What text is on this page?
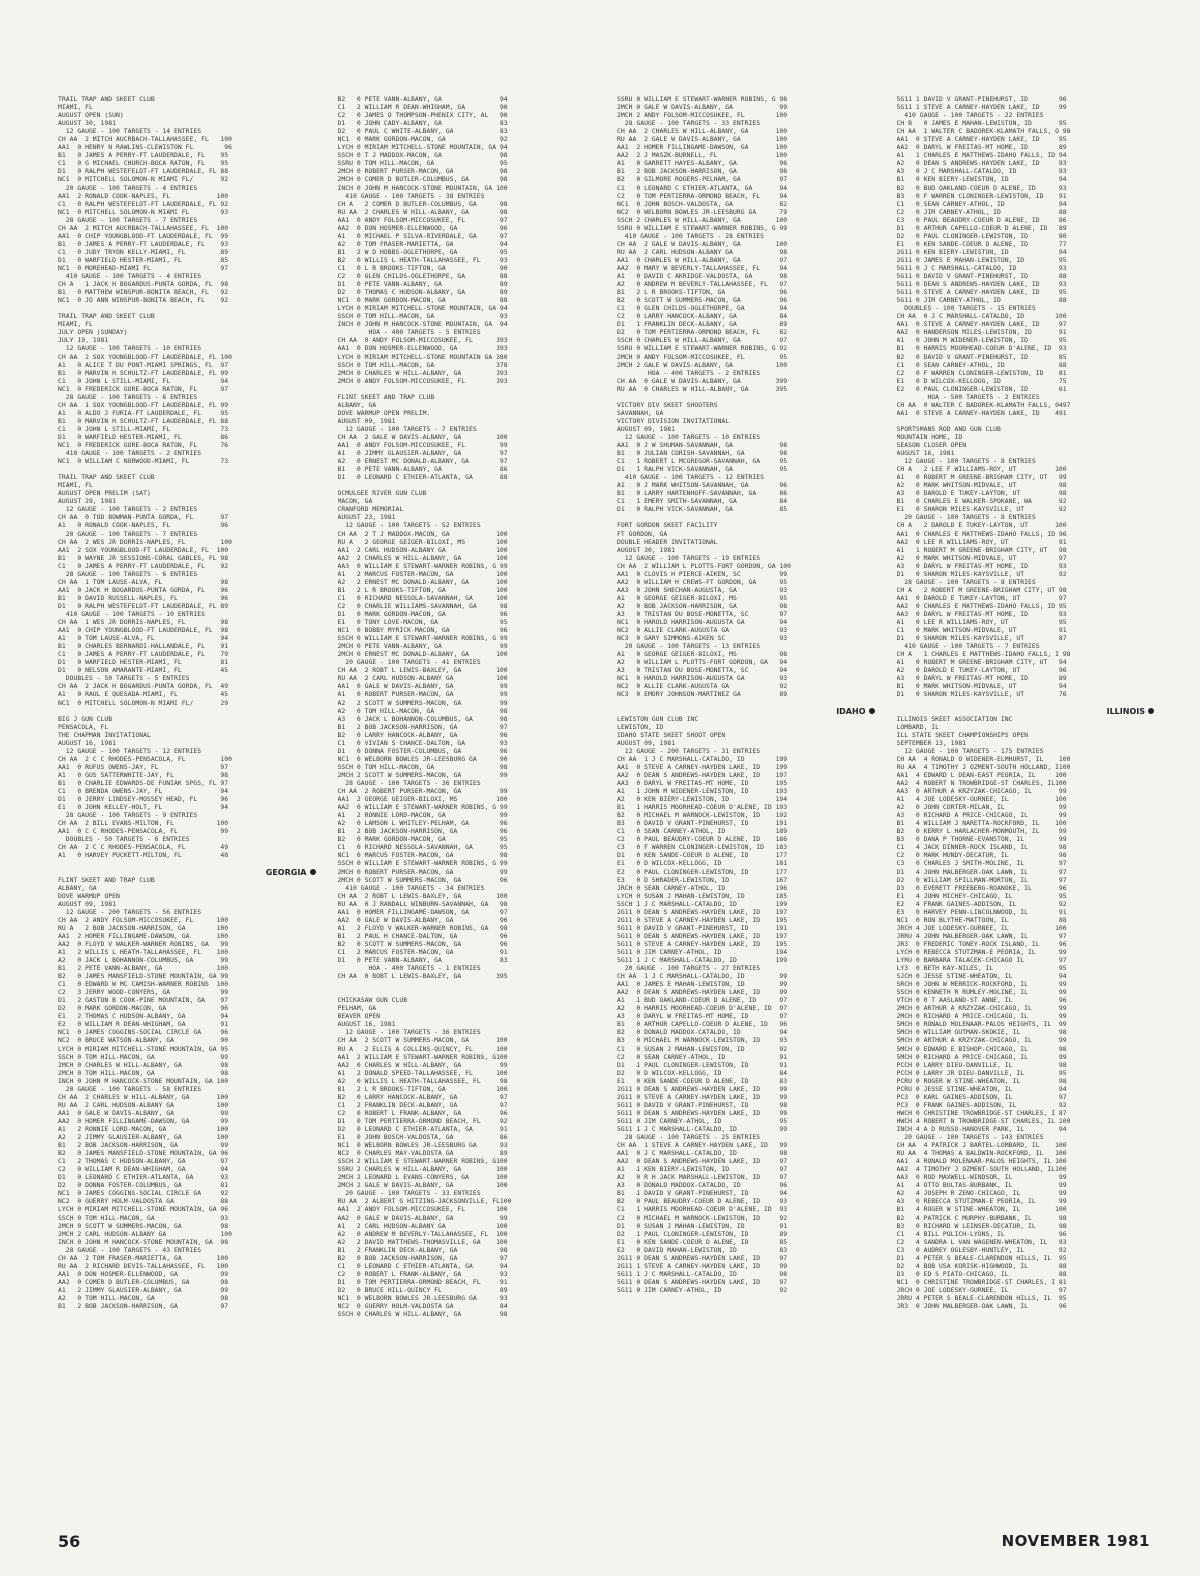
TRAIL TRAP AND SKEET CLUB
MIAMI, FL
AUGUST OPEN (SUN)
AUGUST 30, 1981
12 GAUGE - 100 TARGETS - 14 ENTRIES
CH AA  2 MITCH AUCRBACH-TALLAHASSEE, FL   100
AA1  0 HENRY N RAWLINS-CLEWISTON FL        96
B1   0 JAMES A PERRY-FT LAUDERDALE, FL    95
C1   0 G MICHAEL CHURCH-BOCA RATON, FL    95
D1   0 RALPH WESTEFELDT-FT LAUDERDALE, FL 88
NC1  0 MITCHELL SOLOMON-N MIAMI FL/       92
20 GAUGE - 100 TARGETS - 4 ENTRIES
AA1  2 RONALD COOK-NAPLES, FL            100
C1   0 RALPH WESTEFELDT-FT LAUDERDALE, FL 92
NC1  0 MITCHELL SOLOMON-N MIAMI FL        93
28 GAUGE - 100 TARGETS - 7 ENTRIES
CH AA  2 MITCH AUCRBACH-TALLAHASSEE, FL  100
AA1  0 CHIP YOUNGBLOOD-FT LAUDERDALE, FL  99
B1   0 JAMES A PERRY-FT LAUDERDALE, FL    93
C1   0 JUDY TRYON KELLY-MIAMI, FL         89
D1   0 WARFIELD HESTER-MIAMI, FL          85
NC1  0 MOREHEAD-MIAMI FL                  97
410 GAUGE - 100 TARGETS - 4 ENTRIES
CH A   1 JACK H BOGARDUS-PUNTA GORDA, FL  98
B1   0 MATTHEW WINSPUR-BONITA BEACH, FL   92
NC1  0 JO ANN WINSPUR-BONITA BEACH, FL    92
TRAIL TRAP AND SKEET CLUB
MIAMI, FL
JULY OPEN (SUNDAY)
JULY 19, 1981
12 GAUGE - 100 TARGETS - 10 ENTRIES
CH AA  2 SOX YOUNGBLOOD-FT LAUDERDALE, FL 100
A1   0 ALICE T DU PONT-MIAMI SPRINGS, FL  97
B1   0 MARVIN H SCHULTZ-FT LAUDERDALE, FL 99
C1   0 JOHN L STILL-MIAMI, FL             94
NC1  0 FREDERICK GORE-BOCA RATON, FL      97
28 GAUGE - 100 TARGETS - 6 ENTRIES
CH AA  1 SOX YOUNGBLOOD-FT LAUDERDALE, FL 99
A1   0 ALDO J FURIA-FT LAUDERDALE, FL     95
B1   0 MARVIN H SCHULTZ-FT LAUDERDALE, FL 88
C1   0 JOHN L STILL-MIAMI, FL             73
D1   0 WARFIELD HESTER-MIAMI, FL          86
NC1  0 FREDERICK GORE-BOCA RATON, FL      76
410 GAUGE - 100 TARGETS - 2 ENTRIES
NC1  0 WILLIAM C NORWOOD-MIAMI, FL        73
TRAIL TRAP AND SKEET CLUB
MIAMI, FL
AUGUST OPEN PRELIM (SAT)
AUGUST 29, 1981
12 GAUGE - 100 TARGETS - 2 ENTRIES
CH AA  0 TOD BOWMAN-PUNTA GORDA, FL       97
A1   0 RONALD COOK-NAPLES, FL             96
20 GAUGE - 100 TARGETS - 7 ENTRIES
CH AA  2 WES JR DORRIS-NAPLES, FL         100
AA1  2 SOX YOUNGBLOOD-FT LAUDERDALE, FL  100
B1   0 WAYNE JR SESSIONS-CORAL GABLES, FL 98
C1   0 JAMES A PERRY-FT LAUDERDALE, FL    92
28 GAUGE - 100 TARGETS - 6 ENTRIES
CH AA  1 TOM LAUSE-ALVA, FL               98
AA1  0 JACK H BOGARDUS-PUNTA GORDA, FL    96
B1   0 DAVID RUSSELL-NAPLES, FL           96
D1   0 RALPH WESTEFELDT-FT LAUDERDALE, FL 89
410 GAUGE - 100 TARGETS - 10 ENTRIES
CH AA  1 WES JR DORRIS-NAPLES, FL         98
AA1  0 CHIP YOUNGBLOOD-FT LAUDERDALE, FL  98
A1   0 TOM LAUSE-ALVA, FL                 94
B1   0 CHARLES BERNARDI-HALLANDALE, FL    91
C1   0 JAMES A PERRY-FT LAUDERDALE, FL    79
D1   0 WARFIELD HESTER-MIAMI, FL          81
D1   0 NELSON AMARANTE-MIAMI, FL          45
DOUBLES - 50 TARGETS - 5 ENTRIES
CH AA  2 JACK H BOGARDUS-PUNTA GORDA, FL  49
A1   0 RAUL E QUESADA-MIAMI, FL           45
NC1  0 MITCHELL SOLOMON-N MIAMI FL/       29
BIG J GUN CLUB
PENSACOLA, FL
THE CHAPMAN INVITATIONAL
AUGUST 16, 1981
12 GAUGE - 100 TARGETS - 12 ENTRIES
CH AA  2 C C RHODES-PENSACOLA, FL         100
AA1  0 RUFUS OWENS-JAY, FL                97
A1   0 GUS SATTERWHITE-JAY, FL            98
B1   0 CHARLIE EDWARDS-DE FUNIAK SPGS, FL 97
C1   0 BRENDA OWENS-JAY, FL               94
D1   0 JERRY LINDSEY-MOSSEY HEAD, FL      96
E1   0 JOHN KELLEY-HOLT, FL               94
28 GAUGE - 100 TARGETS - 9 ENTRIES
CH AA  2 BILL EVANS-MILTON, FL           100
AA1  0 C C RHODES-PENSACOLA, FL           99
DOUBLES - 50 TARGETS - 6 ENTRIES
CH AA  2 C C RHODES-PENSACOLA, FL         49
A1   0 HARVEY PUCKETT-MILTON, FL          48
GEORGIA
FLINT SKEET AND TRAP CLUB
ALBANY, GA
DOVE WARMUP OPEN
AUGUST 09, 1981
12 GAUGE - 200 TARGETS - 56 ENTRIES
CH AA  2 ANDY FOLSOM-MICCOSUKEE, FL      100
RU A   2 BOB JACKSON-HARRISON, GA        100
AA1  2 HOMER FILLINGAME-DAWSON, GA       100
AA2  0 FLOYD V WALKER-WARNER ROBINS, GA   99
A1   2 WILLIS L HEATH-TALLAHASSEE, FL    100
A2   0 JACK L BOHANNON-COLUMBUS, GA       99
B1   2 PETE VANN-ALBANY, GA              100
B2   0 JAMES MANSFIELD-STONE MOUNTAIN, GA 99
C1   0 EDWARD W MC CAMISH-WARNER ROBINS  100
C2   3 JERRY WOOD-CONYERS, GA             99
D1   2 GASTON B COOK-PINE MOUNTAIN, GA    97
D2   0 MARK GORDON-MACON, GA              96
E1   2 THOMAS C HUDSON-ALBANY, GA         94
E2   0 WILLIAM R DEAN-WHIGHAM, GA         91
NC1  0 JAMES COGGINS-SOCIAL CIRCLE GA     96
NC2  0 BRUCE WATSON-ALBANY, GA            90
LYCH 0 MIRIAM MITCHELL-STONE MOUNTAIN, GA 95
SSCH 0 TOM HILL-MACON, GA                 99
2MCH 0 CHARLES W HILL-ALBANY, GA          98
2MCH 0 TOM HILL-MACON, GA                 98
INCH 0 JOHN M HANCOCK-STONE MOUNTAIN, GA 100
20 GAUGE - 100 TARGETS - 58 ENTRIES
CH AA  2 CHARLES W HILL-ALBANY, GA       100
RU AA  2 CARL HUDSON-ALBANY GA           100
AA1  0 GALE W DAVIS-ALBANY, GA            99
AA2  0 HOMER FILLINGAME-DAWSON, GA        99
A1   2 RONNIE LORD-MACON, GA             100
A2   2 JIMMY GLAUSIER-ALBANY, GA         100
B1   2 BOB JACKSON-HARRISON, GA           99
B2   0 JAMES MANSFIELD-STONE MOUNTAIN, GA 96
C1   2 THOMAS C HUDSON-ALBANY, GA         97
C2   0 WILLIAM R DEAN-WHIGHAM, GA         94
D1   0 LEONARD C ETHIER-ATLANTA, GA       93
D2   0 DONNA FOSTER-COLUMBUS, GA          81
NC1  0 JAMES COGGINS-SOCIAL CIRCLE GA     92
NC2  0 GUERRY HOLM-VALDOSTA GA            88
LYCH 0 MIRIAM MITCHELL-STONE MOUNTAIN, GA 96
SSCH 0 TOM HILL-MACON, GA                 93
2MCH 0 SCOTT W SUMMERS-MACON, GA          98
2MCH 2 CARL HUDSON-ALBANY GA              100
INCH 0 JOHN M HANCOCK-STONE MOUNTAIN, GA  98
28 GAUGE - 100 TARGETS - 43 ENTRIES
CH AA  2 TOM FRASER-MARIETTA, GA         100
RU AA  2 RICHARD DEVIS-TALLAHASSEE, FL   100
AA1  0 DON HOSMER-ELLENWOOD, GA           99
AA2  0 COMER D BUTLER-COLUMBUS, GA        98
A1   2 JIMMY GLAUSIER-ALBANY, GA          99
A2   0 TOM HILL-MACON, GA                 98
B1   2 BOB JACKSON-HARRISON, GA           97
B2   0 PETE VANN-ALBANY, GA               94
C1   2 WILLIAM R DEAN-WHIGHAM, GA         90
C2   0 JAMES O THOMPSON-PHENIX CITY, AL   90
D1   0 JOHN CADY-ALBANY, GA               83
D2   0 PAUL C WHITE-ALBANY, GA            83
NC1  0 MARK GORDON-MACON, GA              92
LYCH 0 MIRIAM MITCHELL-STONE MOUNTAIN, GA 94
SSCH 0 T J MADDOX-MACON, GA               98
SSRU 0 TOM HILL-MACON, GA                 95
2MCH 0 ROBERT PURSER-MACON, GA            98
2MCH 0 COMER D BUTLER-COLUMBUS, GA        98
INCH 0 JOHN M HANCOCK-STONE MOUNTAIN, GA 100
410 GAUGE - 100 TARGETS - 38 ENTRIES
CH A   2 COMER D BUTLER-COLUMBUS, GA      98
RU AA  2 CHARLES W HILL-ALBANY, GA        98
AA1  0 ANDY FOLSOM-MICCOSUKEE, FL         97
AA2  0 DON HOSMER-ELLENWOOD, GA           96
A1   0 MICHAEL P SILVA-RIVERDALE, GA      97
A2   0 TOM FRASER-MARIETTA, GA            94
B1   2 W D HOBBS-OGLETHORPE, GA           95
B2   0 WILLIS L HEATH-TALLAHASSEE, FL     93
C1   0 L R BROOKS-TIFTON, GA              90
C2   0 GLEN CHILDS-OGLETHORPE, GA         88
D1   0 PETE VANN-ALBANY, GA               89
D2   0 THOMAS C HUDSON-ALBANY, GA         89
NC1  0 MARK GORDON-MACON, GA              88
LYCH 0 MIRIAM MITCHELL-STONE MOUNTAIN, GA 94
SSCH 0 TOM HILL-MACON, GA                 93
INCH 0 JOHN M HANCOCK-STONE MOUNTAIN, GA  94
HOA - 400 TARGETS - 5 ENTRIES
CH AA  0 ANDY FOLSOM-MICCOSUKEE, FL      393
AA1  0 DON HOSMER-ELLENWOOD, GA          393
LYCH 0 MIRIAM MITCHELL-STONE MOUNTAIN GA 380
SSCH 0 TOM HILL-MACON, GA                378
2MCH 0 CHARLES W HILL-ALBANY, GA         393
2MCH 0 ANDY FOLSOM-MICCOSUKEE, FL        393
FLINT SKEET AND TRAP CLUB
ALBANY, GA
DOVE WARMUP OPEN PRELIM.
AUGUST 09, 1981
12 GAUGE - 100 TARGETS - 7 ENTRIES
CH AA  2 GALE W DAVIS-ALBANY, GA         100
AA1  0 ANDY FOLSOM-MICCOSUKEE, FL         99
A1   0 JIMMY GLAUSIER-ALBANY, GA          97
A2   0 ERNEST MC DONALD-ALBANY, GA        97
B1   0 PETE VANN-ALBANY, GA               86
D1   0 LEONARD C ETHIER-ATLANTA, GA       88
OCMULGEE RIVER GUN CLUB
MACON, GA
CRANFORD MEMORIAL
AUGUST 23, 1981
12 GAUGE - 100 TARGETS - 52 ENTRIES
CH AA  2 T J MADDOX-MACON, GA            100
RU A   2 GEORGE GEIGER-BILOXI, MS        100
AA1  2 CARL HUDSON-ALBANY GA             100
AA2  2 CHARLES W HILL-ALBANY, GA         100
AA3  0 WILLIAM E STEWART-WARNER ROBINS, G 99
A1   2 MARCUS FOSTER-MACON, GA           100
A2   2 ERNEST MC DONALD-ALBANY, GA       100
B1   2 L R BROOKS-TIFTON, GA             100
C1   0 RICHARD NESSOLA-SAVANNAH, GA      100
C2   0 CHARLIE WILLIAMS-SAVANNAH, GA      98
D1   0 MARK GORDON-MACON, GA              96
E1   0 TONY LOVE-MACON, GA                95
NC1  0 BOBBY MYRICK-MACON, GA             96
SSCH 0 WILLIAM E STEWART-WARNER ROBINS, G 99
2MCH 0 PETE VANN-ALBANY, GA               99
2MCH 0 ERNEST MC DONALD-ALBANY, GA       100
20 GAUGE - 100 TARGETS - 41 ENTRIES
CH AA  2 ROBT L LEWIS-BAXLEY, GA         100
RU AA  2 CARL HUDSON-ALBANY GA           100
AA1  0 GALE W DAVIS-ALBANY, GA            99
A1   0 ROBERT PURSER-MACON, GA            99
A2   2 SCOTT W SUMMERS-MACON, GA          99
A2   0 TOM HILL-MACON, GA                 98
A3   0 JACK L BOHANNON-COLUMBUS, GA       98
B1   2 BOB JACKSON-HARRISON, GA           97
B2   0 LARRY HANCOCK-ALBANY, GA           96
C1   0 VIVIAN S CHANCE-DALTON, GA         93
D1   0 DONNA FOSTER-COLUMBUS, GA          96
NC1  0 WELBORN BOWLES JR-LEESBURG GA      90
SSCH 0 TOM HILL-MACON, GA                 98
2MCH 2 SCOTT W SUMMERS-MACON, GA          99
28 GAUGE - 100 TARGETS - 36 ENTRIES
CH AA  2 ROBERT PURSER-MACON, GA          99
AA1  2 GEORGE GEIGER-BILOXI, MS          100
AA2  0 WILLIAM E STEWART-WARNER ROBINS, G 99
A1   2 RONNIE LORD-MACON, GA              99
A2   0 LAMSON L WHITLEY-PELHAM, GA        96
B1   2 BOB JACKSON-HARRISON, GA           96
B2   0 MARK GORDON-MACON, GA              95
C1   0 RICHARD NESSOLA-SAVANNAH, GA       95
NC1  0 MARCUS FOSTER-MACON, GA            98
SSCH 0 WILLIAM E STEWART-WARNER ROBINS, G 99
2MCH 0 ROBERT PURSER-MACON, GA            99
2MCH 0 SCOTT W SUMMERS-MACON, GA          96
410 GAUGE - 100 TARGETS - 34 ENTRIES
CH AA  2 ROBT L LEWIS-BAXLEY, GA         100
RU AA  0 J RANDALL WINBURN-SAVANNAH, GA   98
AA1  0 HOMER FILLINGAME-DAWSON, GA        97
AA2  0 GALE W DAVIS-ALBANY, GA            96
A1   2 FLOYD V WALKER-WARNER ROBINS, GA   98
B1   2 PAUL H CHANCE-DALTON, GA           96
B2   0 SCOTT W SUMMERS-MACON, GA          96
C1   2 MARCUS FOSTER-MACON, GA            91
D1   0 PETE VANN-ALBANY, GA               83
HOA - 400 TARGETS - 1 ENTRIES
CH AA  0 ROBT L LEWIS-BAXLEY, GA         395
CHICKASAW GUN CLUB
PELHAM, GA
BEAVER OPEN
AUGUST 16, 1981
12 GAUGE - 100 TARGETS - 36 ENTRIES
CH AA  2 SCOTT W SUMMERS-MACON, GA       100
RU A   2 ELLIS A COLLINS-QUINCY, FL      100
AA1  2 WILLIAM E STEWART-WARNER ROBINS, G100
AA2  0 CHARLES W HILL-ALBANY, GA          99
A1   2 DONALD SPEED-TALLAHASSEE, FL      100
A2   0 WILLIS L HEATH-TALLAHASSEE, FL     98
B1   2 L R BROOKS-TIFTON, GA             100
B2   0 LARRY HANCOCK-ALBANY, GA           97
C1   2 FRANKLIN DECK-ALBANY, GA           97
C2   0 ROBERT L FRANK-ALBANY, GA          96
D1   0 TOM PERTIERRA-ORMOND BEACH, FL     92
D2   0 LEONARD C ETHIER-ATLANTA, GA       91
E1   0 JOHN BOSCH-VALDOSTA, GA            86
NC1  0 WELBORN BOWLES JR-LEESBURG GA      93
NC2  0 CHARLES MAY-VALDOSTA GA            89
SSCH 2 WILLIAM E STEWART-WARNER ROBINS, G100
SSRU 2 CHARLES W HILL-ALBANY, GA         100
2MCH 2 LEONARD L EVANS-CONYERS, GA       100
2MCH 2 GALE W DAVIS-ALBANY, GA           100
20 GAUGE - 100 TARGETS - 33 ENTRIES
RU AA  2 ALBERT G HITZING-JACKSONVILLE, FL100
AA1  2 ANDY FOLSOM-MICCOSUKEE, FL        100
AA2  0 GALE W DAVIS-ALBANY, GA            99
A1   2 CARL HUDSON-ALBANY GA             100
A2   0 ANDREW M BEVERLY-TALLAHASSEE, FL  100
A2   2 DAVID MATTHEWS-THOMASVILLE, GA    100
B1   2 FRANKLIN DECK-ALBANY, GA           98
B2   0 BOB JACKSON-HARRISON, GA           97
C1   0 LEONARD C ETHIER-ATLANTA, GA       94
C2   0 ROBERT L FRANK-ALBANY, GA          93
D1   0 TOM PERTIERRA-ORMOND BEACH, FL     91
D2   0 BRUCE HILL-QUINCY FL               89
NC1  0 WELBORN BOWLES JR-LEESBURG GA      93
NC2  0 GUERRY HOLM-VALDOSTA GA            84
SSCH 0 CHARLES W HILL-ALBANY, GA          98
SSRU 0 WILLIAM E STEWART-WARNER ROBINS, G 98
2MCH 0 GALE W DAVIS-ALBANY, GA            99
2MCH 2 ANDY FOLSOM-MICCOSUKEE, FL        100
28 GAUGE - 100 TARGETS - 33 ENTRIES
CH AA  2 CHARLES W HILL-ALBANY, GA       100
RU AA  2 GALE W DAVIS-ALBANY, GA         100
AA1  2 HOMER FILLINGAME-DAWSON, GA       100
AA2  2 J MASZK-BURNELL, FL               100
A1   0 GARRETT HAYES-ALBANY, GA           96
B1   2 BOB JACKSON-HARRISON, GA           98
B2   0 GILMORE ROGERS-PELHAM, GA          97
C1   0 LEONARD C ETHIER-ATLANTA, GA       94
C2   0 TOM PERTIERRA-ORMOND BEACH, FL     94
NC1  0 JOHN BOSCH-VALDOSTA, GA            82
NC2  0 WELBORN BOWLES JR-LEESBURG GA      79
SSCH 2 CHARLES W HILL-ALBANY, GA         100
SSRU 0 WILLIAM E STEWART-WARNER ROBINS, G 99
410 GAUGE - 100 TARGETS - 28 ENTRIES
CH AA  2 GALE W DAVIS-ALBANY, GA         100
RU AA  2 CARL HUDSON-ALBANY GA            98
AA1  0 CHARLES W HILL-ALBANY, GA          97
AA2  0 MARY W BEVERLY-TALLAHASSEE, FL     94
A1   0 DAVID C AKRIDGE-VALDOSTA, GA       98
A2   0 ANDREW M BEVERLY-TALLAHASSEE, FL   97
B1   2 L R BROOKS-TIFTON, GA              96
B2   0 SCOTT W SUMMERS-MACON, GA          96
C1   0 GLEN CHILDS-OGLETHORPE, GA         94
C2   0 LARRY HANCOCK-ALBANY, GA           84
D1   1 FRANKLIN DECK-ALBANY, GA           89
D2   0 TOM PERTIERRA-ORMOND BEACH, FL     82
SSCH 0 CHARLES W HILL-ALBANY, GA          97
SSRU 0 WILLIAM E STEWART-WARNER ROBINS, G 92
2MCH 0 ANDY FOLSOM-MICCOSUKEE, FL         95
2MCH 2 GALE W DAVIS-ALBANY, GA           100
HOA - 400 TARGETS - 2 ENTRIES
CH AA  0 GALE W DAVIS-ALBANY, GA         399
RU AA  0 CHARLES W HILL-ALBANY, GA       395
VICTORY DIV SKEET SHOOTERS
SAVANNAH, GA
VICTORY DIVISION INVITATIONAL
AUGUST 09, 1981
12 GAUGE - 100 TARGETS - 10 ENTRIES
AA1  0 J W SHUMAN-SAVANNAH, GA            98
B1   0 JULIAN CORISH-SAVANNAH, GA         98
C1   1 ROBERT L MCGREGOR-SAVANNAH, GA     95
D1   1 RALPH VICK-SAVANNAH, GA            95
410 GAUGE - 100 TARGETS - 12 ENTRIES
A1   0 J MARK WHITSON-SAVANNAH, GA        96
B1   0 LARRY HARTENHOFF-SAVANNAH, GA      86
C1   1 EMERY SMITH-SAVANNAH, GA           84
D1   0 RALPH VICK-SAVANNAH, GA            85
FORT GORDON SKEET FACILITY
FT GORDON, GA
DOUBLE HEADER INVITATIONAL
AUGUST 30, 1981
12 GAUGE - 100 TARGETS - 19 ENTRIES
CH AA  2 WILLIAM L PLOTTS-FORT GORDON, GA 100
AA1  0 CLOVIS H PIERCE-AIKEN, SC          99
AA2  0 WILLIAM H CREWS-FT GORDON, GA      95
AA3  0 JOHN SHECHAN-AUGUSTA, GA           93
A1   0 GEORGE GEIGER-BILOXI, MS           95
A2   0 BOB JACKSON-HARRISON, GA           98
A3   0 TRISTAN DU BOSE-MONETTA, SC        97
NC1  0 HAROLD HARRISON-AUGUSTA GA         94
NC2  0 ALLIE CLARK-AUGUSTA GA             93
NC3  0 GARY SIMMONS-AIKEN SC              93
20 GAUGE - 100 TARGETS - 13 ENTRIES
A1   0 GEORGE GEIGER-BILOXI, MS           98
A2   0 WILLIAM L PLOTTS-FORT GORDON, GA   94
A3   0 TRISTAN DU BOSE-MONETTA, SC        94
NC1  0 HAROLD HARRISON-AUGUSTA GA         93
NC2  0 ALLIE CLARK-AUGUSTA GA             92
NC3  0 EMORY JOHNSON-MARTINEZ GA          89
IDAHO
LEWISTON GUN CLUB INC
LEWISTON, ID
IDAHO STATE SKEET SHOOT OPEN
AUGUST 09, 1981
12 GAUGE - 200 TARGETS - 31 ENTRIES
CH AA  1 J C MARSHALL-CATALDO, ID        199
AA1  0 STEVE A CARNEY-HAYDEN LAKE, ID    199
AA2  0 DEAN S ANDREWS-HAYDEN LAKE, ID    197
AA3  0 DARYL W FREITAS-MT HOME, ID       195
A1   1 JOHN M WIDENER-LEWISTON, ID       193
A2   0 KEN BIERY-LEWISTON, ID            194
B1   1 HARRIS MOORHEAD-COEUR D'ALENE, ID 193
B2   0 MICHAEL M WARNOCK-LEWISTON, ID    192
B3   0 DAVID V GRANT-PINEHURST, ID       191
C1   0 SEAN CARNEY-ATHOL, ID             189
C2   0 PAUL BEAUDRY-COEUR D ALENE, ID    186
C3   0 F WARREN CLONINGER-LEWISTON, ID   183
D1   0 KEN SANDE-COEUR D ALENE, ID       177
E1   0 D WILCOX-KELLOGG, ID              181
E2   0 PAUL CLONINGER-LEWISTON, ID       177
E3   0 D SHRADER-LEWISTON, ID            167
JRCH 0 SEAN CARNEY-ATHOL, ID             196
LYCH 0 SUSAN J MAHAN-LEWISTON, ID        185
SSCH 1 J C MARSHALL-CATALDO, ID          199
2G11 0 DEAN S ANDREWS-HAYDEN LAKE, ID    197
2G11 0 STEVE A CARNEY-HAYDEN LAKE, ID    195
5G11 0 DAVID V GRANT-PINEHURST, ID       191
5G11 0 DEAN S ANDREWS-HAYDEN LAKE, ID    197
5G11 0 STEVE A CARNEY-HAYDEN LAKE, ID    195
5G11 0 JIM CARNEY-ATHOL, ID              194
5G11 1 J C MARSHALL-CATALDO, ID          199
20 GAUGE - 100 TARGETS - 27 ENTRIES
CH AA  1 J C MARSHALL-CATALDO, ID         99
AA1  0 JAMES E MAHAN-LEWISTON, ID         99
AA2  0 DEAN S ANDREWS-HAYDEN LAKE, ID     99
A1   1 BUD OAKLAND-COEUR D ALENE, ID      97
A2   0 HARRIS MOORHEAD-COEUR D'ALENE, ID  97
A3   0 DARYL W FREITAS-MT HOME, ID        97
B1   0 ARTHUR CAPELLO-COEUR D ALENE, ID   96
B2   0 DONALD MADDOX-CATALDO, ID          94
B3   0 MICHAEL M WARNOCK-LEWISTON, ID     93
C1   0 SUSAN J MAHAN-LEWISTON, ID         92
C2   0 SEAN CARNEY-ATHOL, ID              91
D1   1 PAUL CLONINGER-LEWISTON, ID        91
D2   0 D WILCOX-KELLOGG, ID               84
E1   0 KEN SANDE-COEUR D ALENE, ID        83
2G11 0 DEAN S ANDREWS-HAYDEN LAKE, ID     99
2G11 0 STEVE A CARNEY-HAYDEN LAKE, ID     99
5G11 0 DAVID V GRANT-PINEHURST, ID        98
5G11 0 DEAN S ANDREWS-HAYDEN LAKE, ID     99
5G11 0 JIM CARNEY-ATHOL, ID               95
5G11 1 J C MARSHALL-CATALDO, ID           99
28 GAUGE - 100 TARGETS - 25 ENTRIES
CH AA  1 STEVE A CARNEY-HAYDEN LAKE, ID   99
AA1  0 J C MARSHALL-CATALDO, ID           98
AA2  0 DEAN S ANDREWS-HAYDEN LAKE, ID     97
A1   1 KEN BIERY-LEWISTON, ID             97
A2   0 R H JACK MARSHALL-LEWISTON, ID     97
A3   0 DONALD MADDOX-CATALDO, ID          96
B1   1 DAVID V GRANT-PINEHURST, ID        94
B2   0 PAUL BEAUDRY-COEUR D ALENE, ID     93
C1   1 HARRIS MOORHEAD-COEUR D'ALENE, ID  93
C2   0 MICHAEL M WARNOCK-LEWISTON, ID     92
D1   0 SUSAN J MAHAN-LEWISTON, ID         91
D2   1 PAUL CLONINGER-LEWISTON, ID        89
E1   0 KEN SANDE-COEUR D ALENE, ID        85
E2   0 DAVID MAHAN-LEWISTON, ID           83
2G11 0 DEAN S ANDREWS-HAYDEN LAKE, ID     97
2G11 1 STEVE A CARNEY-HAYDEN LAKE, ID     99
5G11 1 J C MARSHALL-CATALDO, ID           98
5G11 0 DEAN S ANDREWS-HAYDEN LAKE, ID     97
5G11 0 JIM CARNEY-ATHOL, ID               92
5G11 1 DAVID V GRANT-PINEHURST, ID        96
5G11 1 STEVE A CARNEY-HAYDEN LAKE, ID     99
410 GAUGE - 100 TARGETS - 22 ENTRIES
CH B   0 JAMES E MAHAN-LEWISTON, ID       95
CH AA  1 WALTER C BADOREK-KLAMATH FALLS, O 98
AA1  0 STEVE A CARNEY-HAYDEN LAKE, ID     95
AA2  0 DARYL W FREITAS-MT HOME, ID        89
A1   1 CHARLES E MATTHEWS-IDAHO FALLS, ID 94
A2   0 DEAN S ANDREWS-HAYDEN LAKE, ID     93
A3   0 J C MARSHALL-CATALDO, ID           93
B1   0 KEN BIERY-LEWISTON, ID             94
B2   0 BUD OAKLAND-COEUR D ALENE, ID      93
B3   0 F WARREN CLONINGER-LEWISTON, ID    91
C1   0 SEAN CARNEY-ATHOL, ID              94
C2   0 JIM CARNEY-ATHOL, ID               88
C3   0 PAUL BEAUDRY-COEUR D ALENE, ID     86
D1   0 ARTHUR CAPELLO-COEUR D ALENE, ID   89
D2   0 PAUL CLONINGER-LEWISTON, ID        80
E1   0 KEN SANDE-COEUR D ALENE, ID        77
2G11 0 KEN BIERY-LEWISTON, ID             94
2G11 0 JAMES E MAHAN-LEWISTON, ID         95
5G11 0 J C MARSHALL-CATALDO, ID           93
5G11 0 DAVID V GRANT-PINEHURST, ID        88
5G11 0 DEAN S ANDREWS-HAYDEN LAKE, ID     93
5G11 0 STEVE A CARNEY-HAYDEN LAKE, ID     95
5G11 0 JIM CARNEY-ATHOL, ID               88
DOUBLES - 100 TARGETS - 15 ENTRIES
CH AA  0 J C MARSHALL-CATALDO, ID        100
AA1  0 STEVE A CARNEY-HAYDEN LAKE, ID     97
AA2  0 HANDERSON MILES-LEWISTON, ID       91
A1   0 JOHN M WIDENER-LEWISTON, ID        95
B1   0 HARRIS MOORHEAD-COEUR D'ALENE, ID  93
B2   0 DAVID V GRANT-PINEHURST, ID        85
C1   0 SEAN CARNEY-ATHOL, ID              88
C2   0 F WARREN CLONINGER-LEWISTON, ID    81
E1   0 D WILCOX-KELLOGG, ID               75
E2   0 PAUL CLONINGER-LEWISTON, ID        61
HOA - 500 TARGETS - 2 ENTRIES
CH AA  0 WALTER C BADOREK-KLAMATH FALLS, 0497
AA1  0 STEVE A CARNEY-HAYDEN LAKE, ID    491
SPORTSMANS ROD AND GUN CLUB
MOUNTAIN HOME, ID
SEASON CLOSER OPEN
AUGUST 16, 1981
12 GAUGE - 100 TARGETS - 8 ENTRIES
CH A   2 LEE F WILLIAMS-ROY, UT          100
A1   0 ROBERT M GREENE-BRIGHAM CITY, UT   99
A2   0 MARK WHITSON-MIDVALE, UT           98
A3   0 DAROLD E TUKEY-LAYTON, UT          98
B1   0 CHARLES E WALKER-SPOKANE, WA       92
E1   0 SHARON MILES-KAYSVILLE, UT         92
20 GAUGE - 100 TARGETS - 8 ENTRIES
CH A   2 DAROLD E TUKEY-LAYTON, UT       100
AA1  0 CHARLES E MATTHEWS-IDAHO FALLS, ID 96
AA2  0 LEE R WILLIAMS-ROY, UT             91
A1   1 ROBERT M GREENE-BRIGHAM CITY, UT   98
A2   0 MARK WHITSON-MIDVALE, UT           97
A3   0 DARYL W FREITAS-MT HOME, ID        93
D1   0 SHARON MILES-KAYSVILLE, UT         92
28 GAUGE - 100 TARGETS - 8 ENTRIES
CH A   2 ROBERT M GREENE-BRIGHAM CITY, UT 98
AA1  0 DAROLD E TUKEY-LAYTON, UT          97
AA2  0 CHARLES E MATTHEWS-IDAHO FALLS, ID 95
AA3  0 DARYL W FREITAS-MT HOME, ID        93
A1   0 LEE R WILLIAMS-ROY, UT             95
C1   0 MARK WHITSON-MIDVALE, UT           91
D1   0 SHARON MILES-KAYSVILLE, UT         87
410 GAUGE - 100 TARGETS - 7 ENTRIES
CH A   1 CHARLES E MATTHEWS-IDAHO FALLS, I 98
A1   0 ROBERT M GREENE-BRIGHAM CITY, UT   94
A2   0 DAROLD E TUKEY-LAYTON, UT          96
A3   0 DARYL W FREITAS-MT HOME, ID        89
B1   0 MARK WHITSON-MIDVALE, UT           94
D1   0 SHARON MILES-KAYSVILLE, UT         76
ILLINOIS
ILLINOIS SKEET ASSOCIATION INC
LOMBARD, IL
ILL STATE SKEET CHAMPIONSHIPS OPEN
SEPTEMBER 13, 1981
12 GAUGE - 100 TARGETS - 175 ENTRIES
CH AA  4 RONALD O WIDENER-ELMHURST, IL    100
RU AA  4 TIMOTHY J OZMENT-SOUTH HOLLAND, I100
AA1  4 EDWARD L DEAN-EAST PEORIA, IL     100
AA2  4 ROBERT N TROWBRIDGE-ST CHARLES, IL100
AA3  0 ARTHUR A KRZYZAK-CHICAGO, IL       99
A1   4 JOE LODESKY-GURNEE, IL            100
A2   0 JOHN CORTER-MILAN, IL              99
A3   0 RICHARD A PRICE-CHICAGO, IL        99
B1   4 WILLIAM J NARETTA-ROCKFORD, IL    100
B2   0 KERRY L HARLACHER-MONMOUTH, IL     99
B3   0 DANA P THORNE-EVANSTON, IL         99
C1   4 JACK DINNER-ROCK ISLAND, IL        98
C2   0 MARK MUNDY-DECATUR, IL             98
C3   0 CHARLES J SMITH-MOLINE, IL         97
D1   4 JOHN MALBERGER-OAK LAWN, IL        97
D2   0 WILLIAM SPILLMAN-MORTON, IL        97
D3   0 EVERETT FREEBERG-ROANOKE, IL       96
E1   4 JOHN MICHEY-CHICAGO, IL            95
E2   4 FRANK GAINES-ADDISON, IL           92
E3   0 HARVEY PENN-LINCOLNWOOD, IL        91
NC1  0 RON BLYTHE-MATTOON, IL             88
JRCH 4 JOE LODESKY-GURNEE, IL            100
JRRU 4 JOHN MALBERGER-OAK LAWN, IL        97
JR3  0 FREDERIC TONEY-ROCK ISLAND, IL     96
LYCH 0 REBECCA STUTZMAN-E PEORIA, IL      99
LYRU 0 BARBARA TALACEK-CHICAGO IL         97
LY3  0 BETH KAY-NILES, IL                 95
SJCH 0 JESSE STINE-WHEATON, IL            94
SRCH 0 JOHN W MERRICK-ROCKFORD, IL        99
SSCH 0 KENNETH R RUMLEY-MOLINE, IL        99
VTCH 0 0 T AASLAND-ST ANNE, IL            96
2MCH 0 ARTHUR A KRZYZAK-CHICAGO, IL       99
2MCH 0 RICHARD A PRICE-CHICAGO, IL        99
5MCH 0 RONALD MOLENAAR-PALOS HEIGHTS, IL  99
5MCH 0 WILLIAM GUTMAN-SKOKIE, IL          98
5MCH 0 ARTHUR A KRZYZAK-CHICAGO, IL       99
5MCH 0 EDWARD E BISHOP-CHICAGO, IL        98
5MCH 0 RICHARD A PRICE-CHICAGO, IL        99
PCCH 0 LARRY DIEU-DANVILLE, IL            98
PCCH 0 LARRY JR DIEU-DANVILLE, IL         95
PCRU 0 ROGER W STINE-WHEATON, IL          98
PCRU 0 JESSE STINE-WHEATON, IL            94
PC3  0 KARL GAINES-ADDISON, IL            97
PC3  0 FRANK GAINES-ADDISON, IL           92
HWCH 0 CHRISTINE TROWBRIDGE-ST CHARLES, I 87
HWCH 4 ROBERT N TROWBRIDGE-ST CHARLES, IL 100
INCH 4 A D RUSSO-HANOVER PARK, IL         94
20 GAUGE - 100 TARGETS - 143 ENTRIES
CH AA  4 PATRICK J BARTEL-LOMBARD, IL    100
RU AA  4 THOMAS A BALDWIN-ROCKFORD, IL   100
AA1  4 RONALD MOLENAAR-PALOS HEIGHTS, IL 100
AA2  4 TIMOTHY J OZMENT-SOUTH HOLLAND, IL100
AA3  0 ROD MAXWELL-WINDSOR, IL            99
A1   4 OTTO BULTAS-BURBANK, IL            99
A2   4 JOSEPH R ZENO-CHICAGO, IL          99
A3   0 REBECCA STUTZMAN-E PEORIA, IL      99
B1   4 ROGER W STINE-WHEATON, IL         100
B2   4 PATRICK C MURPHY-BURBANK, IL       98
B3   0 RICHARD W LEINSER-DECATUR, IL      98
C1   4 BILL POLICH-LYONS, IL              96
C2   4 SANDRA L VAN WAGENEN-WHEATON, IL   93
C3   0 AUDREY OGLESBY-HUNTLEY, IL         92
D1   4 PETER S BEALE-CLARENDON HILLS, IL  95
D2   4 BOB USA KORISK-HIGHWOOD, IL        88
D3   0 ED S PIATO-CHICAGO, IL             88
NC1  0 CHRISTINE TROWBRIDGE-ST CHARLES, I 81
JRCH 0 JOE LODESKY-GURNEE, IL             97
JRRU 4 PETER S BEALE-CLARENDON HILLS, IL  95
JR3  0 JOHN MALBERGER-OAK LAWN, IL        96
56	NOVEMBER 1981
